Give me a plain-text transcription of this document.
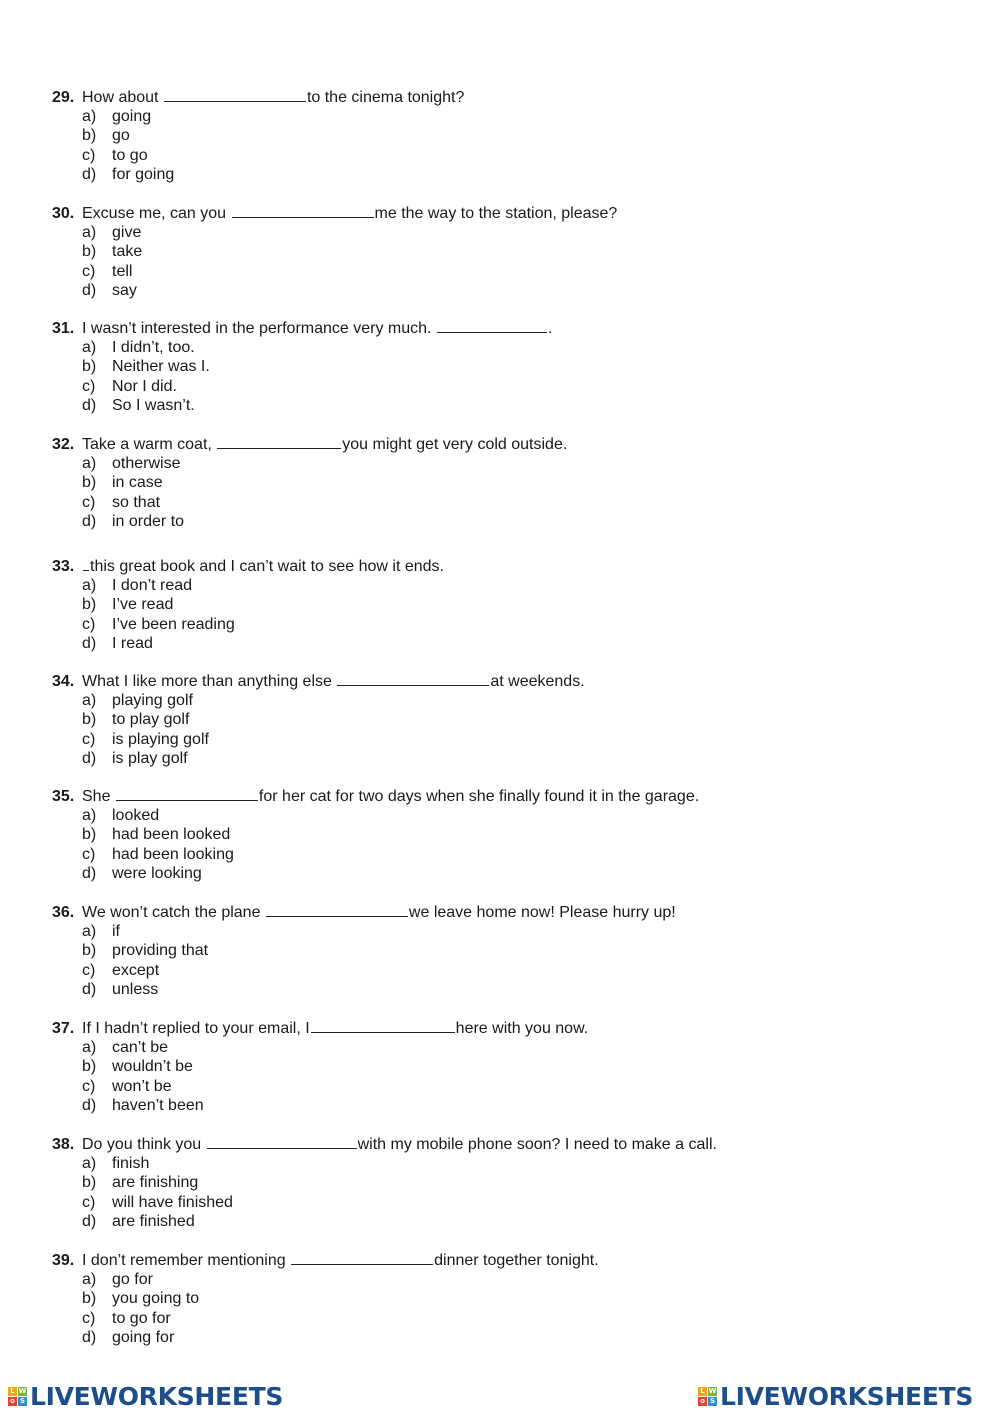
29. How about	to the cinema tonight?
a) going
b) go
c) to go
d) for going
30. Excuse me, can you	me the way to the station, please?
a) give
b) take
c) tell
d) say
31. I wasn’t interested in the performance very much.	.
a) I didn’t, too.
b) Neither was I.
c) Nor I did.
d) So I wasn’t.
32. Take a warm coat,	you might get very cold outside.
a) otherwise
b) in case
c) so that
d) in order to
33. this great book and I can’t wait to see how it ends.
a) I don’t read
b) I’ve read
c) I’ve been reading
d) I read
34. What I like more than anything else	at weekends.
a) playing golf
b) to play golf
c) is playing golf
d) is play golf
35. She	for her cat for two days when she finally found it in the garage.
a) looked
b) had been looked
c) had been looking
d) were looking
36. We won’t catch the plane	we leave home now! Please hurry up!
a) if
b) providing that
c) except
d) unless
37. If I hadn’t replied to your email, I	here with you now.
a) can’t be
b) wouldn’t be
c) won’t be
d) haven’t been
38. Do you think you	with my mobile phone soon? I need to make a call.
a) finish
b) are finishing
c) will have finished
d) are finished
39. I don’t remember mentioning	dinner together tonight.
a) go for
b) you going to
c) to go for
d) going for
L W
o S LIVEWORKSHEETS	L W
o S LIVEWORKSHEETS
